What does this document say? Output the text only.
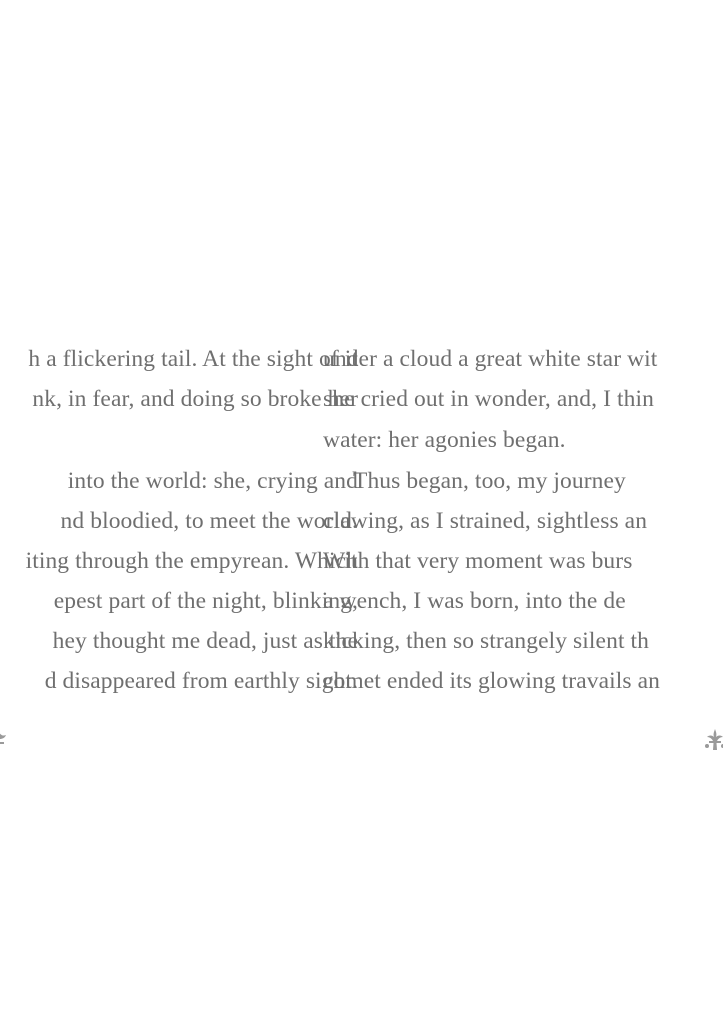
h a flickering tail. At the sight of it
nk, in fear, and doing so broke her
into the world: she, crying and
nd bloodied, to meet the world.
iting through the empyrean. Which
epest part of the night, blinking,
hey thought me dead, just as the
d disappeared from earthly sight.
under a cloud a great white star wit
she cried out in wonder, and, I thin
water: her agonies began.
Thus began, too, my journey
clawing, as I strained, sightless an
With that very moment was burs
a wench, I was born, into the de
kicking, then so strangely silent th
comet ended its glowing travails an
